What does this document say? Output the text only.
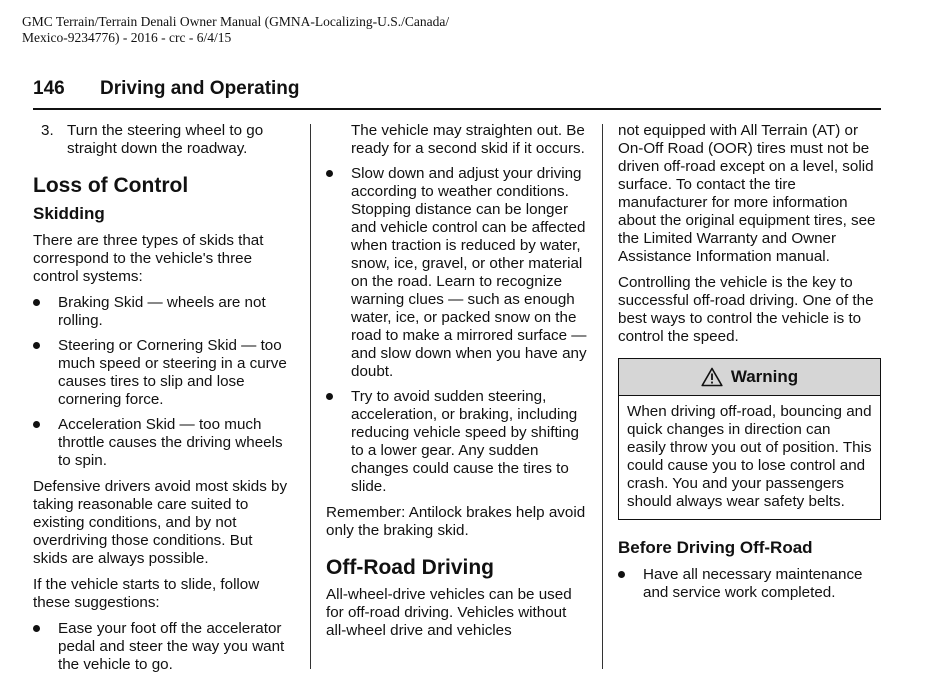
GMC Terrain/Terrain Denali Owner Manual (GMNA-Localizing-U.S./Canada/
Mexico-9234776) - 2016 - crc - 6/4/15
146 Driving and Operating
3. Turn the steering wheel to go straight down the roadway.
Loss of Control
Skidding

There are three types of skids that correspond to the vehicle's three control systems:

Braking Skid — wheels are not rolling.
Steering or Cornering Skid — too much speed or steering in a curve causes tires to slip and lose cornering force.
Acceleration Skid — too much throttle causes the driving wheels to spin.

Defensive drivers avoid most skids by taking reasonable care suited to existing conditions, and by not overdriving those conditions. But skids are always possible.

If the vehicle starts to slide, follow these suggestions:

Ease your foot off the accelerator pedal and steer the way you want the vehicle to go.
The vehicle may straighten out. Be ready for a second skid if it occurs.
Slow down and adjust your driving according to weather conditions. Stopping distance can be longer and vehicle control can be affected when traction is reduced by water, snow, ice, gravel, or other material on the road. Learn to recognize warning clues — such as enough water, ice, or packed snow on the road to make a mirrored surface — and slow down when you have any doubt.
Try to avoid sudden steering, acceleration, or braking, including reducing vehicle speed by shifting to a lower gear. Any sudden changes could cause the tires to slide.

Remember: Antilock brakes help avoid only the braking skid.

Off-Road Driving

All-wheel-drive vehicles can be used for off-road driving. Vehicles without all-wheel drive and vehicles

not equipped with All Terrain (AT) or On-Off Road (OOR) tires must not be driven off-road except on a level, solid surface. To contact the tire manufacturer for more information about the original equipment tires, see the Limited Warranty and Owner Assistance Information manual.

Controlling the vehicle is the key to successful off-road driving. One of the best ways to control the vehicle is to control the speed.

Warning
When driving off-road, bouncing and quick changes in direction can easily throw you out of position. This could cause you to lose control and crash. You and your passengers should always wear safety belts.
Before Driving Off-Road
Have all necessary maintenance and service work completed.
